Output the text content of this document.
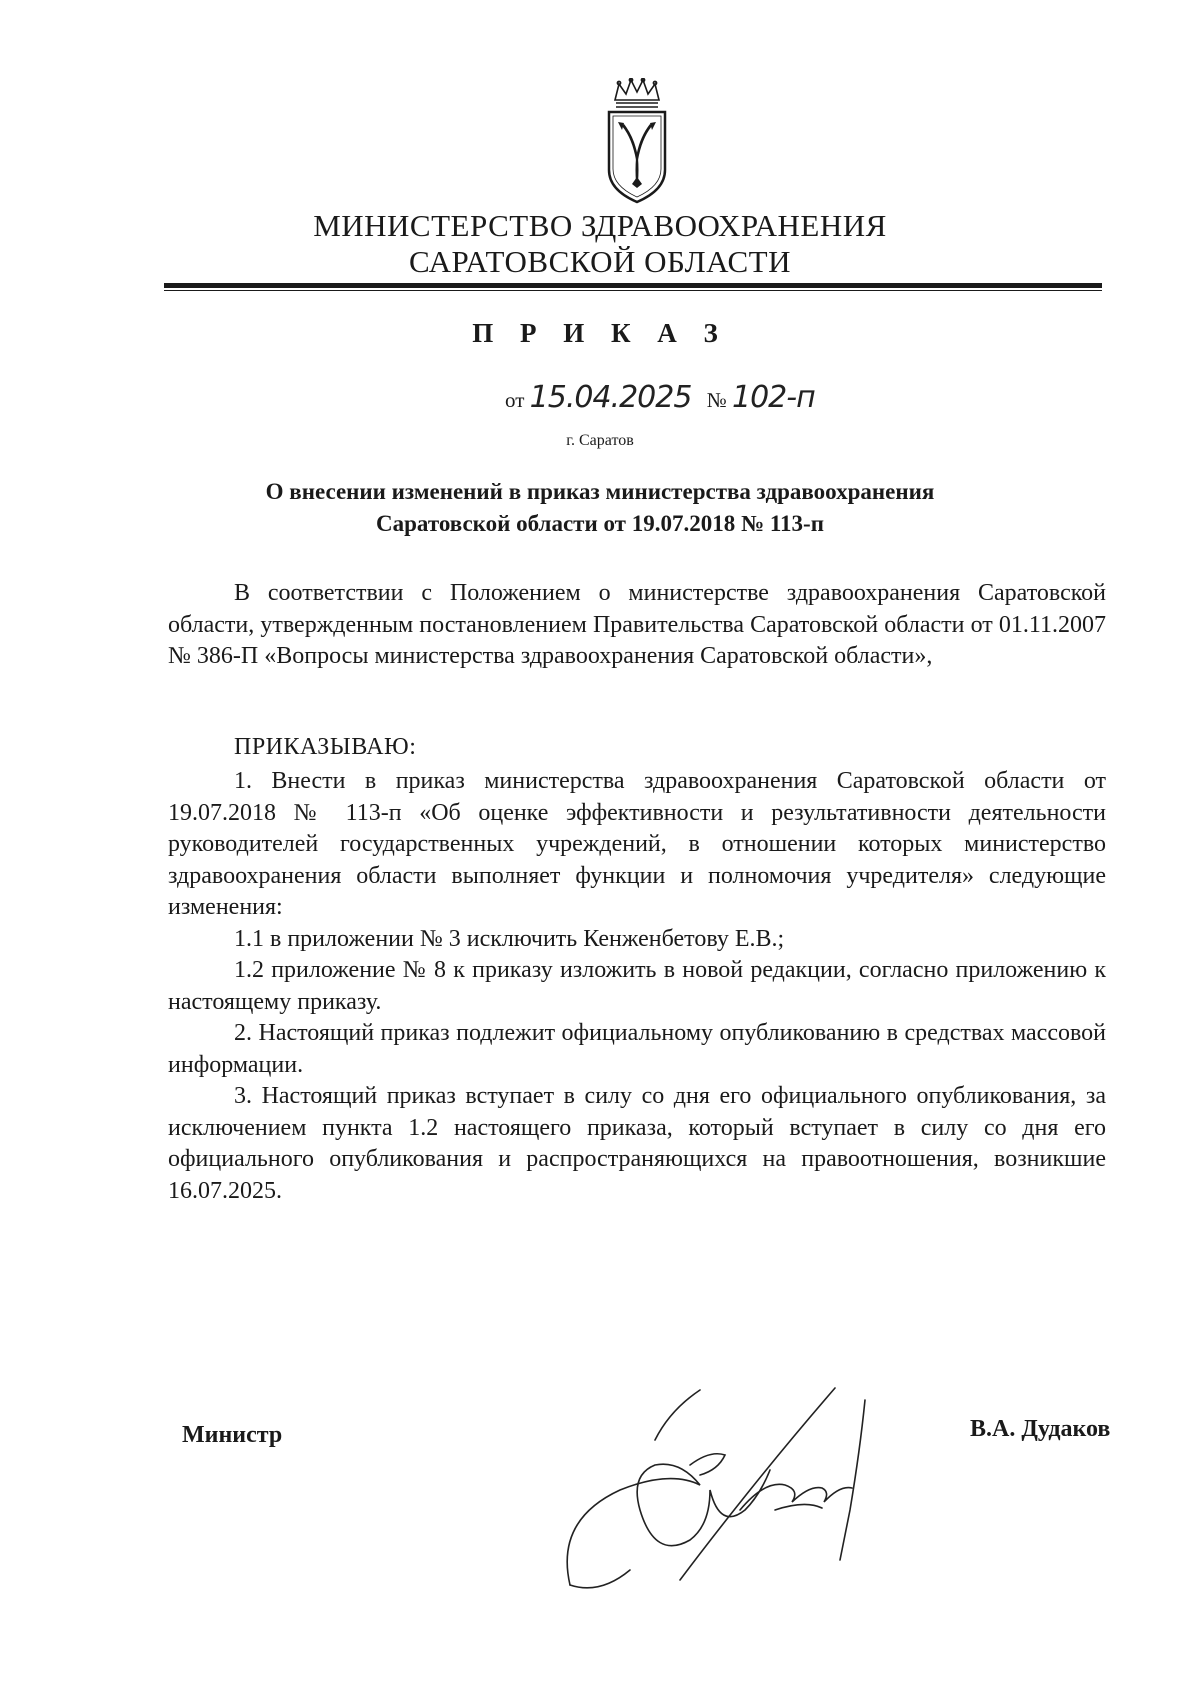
МИНИСТЕРСТВО ЗДРАВООХРАНЕНИЯ
САРАТОВСКОЙ ОБЛАСТИ
П Р И К А З
от 15.04.2025 № 102-п
г. Саратов
О внесении изменений в приказ министерства здравоохранения
Саратовской области от 19.07.2018 № 113-п
В соответствии с Положением о министерстве здравоохранения Саратовской области, утвержденным постановлением Правительства Саратовской области от 01.11.2007 № 386-П «Вопросы министерства здравоохранения Саратовской области»,
ПРИКАЗЫВАЮ:

1. Внести в приказ министерства здравоохранения Саратовской области от 19.07.2018 № 113-п «Об оценке эффективности и результативности деятельности руководителей государственных учреждений, в отношении которых министерство здравоохранения области выполняет функции и полномочия учредителя» следующие изменения:

1.1 в приложении № 3 исключить Кенженбетову Е.В.;

1.2 приложение № 8 к приказу изложить в новой редакции, согласно приложению к настоящему приказу.

2. Настоящий приказ подлежит официальному опубликованию в средствах массовой информации.

3. Настоящий приказ вступает в силу со дня его официального опубликования, за исключением пункта 1.2 настоящего приказа, который вступает в силу со дня его официального опубликования и распространяющихся на правоотношения, возникшие 16.07.2025.

Министр	В.А. Дудаков
